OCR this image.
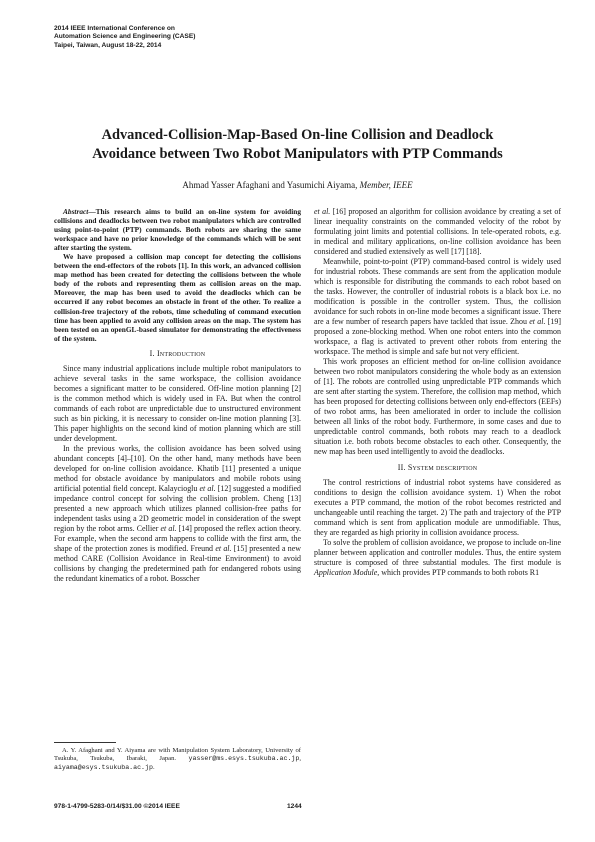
2014 IEEE International Conference on
Automation Science and Engineering (CASE)
Taipei, Taiwan, August 18-22, 2014
Advanced-Collision-Map-Based On-line Collision and Deadlock
Avoidance between Two Robot Manipulators with PTP Commands
Ahmad Yasser Afaghani and Yasumichi Aiyama, Member, IEEE

Abstract—This research aims to build an on-line system for avoiding collisions and deadlocks between two robot manipulators which are controlled using point-to-point (PTP) commands. Both robots are sharing the same workspace and have no prior knowledge of the commands which will be sent after starting the system.

We have proposed a collision map concept for detecting the collisions between the end-effectors of the robots [1]. In this work, an advanced collision map method has been created for detecting the collisions between the whole body of the robots and representing them as collision areas on the map. Moreover, the map has been used to avoid the deadlocks which can be occurred if any robot becomes an obstacle in front of the other. To realize a collision-free trajectory of the robots, time scheduling of command execution time has been applied to avoid any collision areas on the map. The system has been tested on an openGL-based simulator for demonstrating the effectiveness of the system.

I. Introduction

Since many industrial applications include multiple robot manipulators to achieve several tasks in the same workspace, the collision avoidance becomes a significant matter to be considered. Off-line motion planning [2] is the common method which is widely used in FA. But when the control commands of each robot are unpredictable due to unstructured environment such as bin picking, it is necessary to consider on-line motion planning [3]. This paper highlights on the second kind of motion planning which are still under development.

In the previous works, the collision avoidance has been solved using abundant concepts [4]–[10]. On the other hand, many methods have been developed for on-line collision avoidance. Khatib [11] presented a unique method for obstacle avoidance by manipulators and mobile robots using artificial potential field concept. Kalaycioglu et al. [12] suggested a modified impedance control concept for solving the collision problem. Cheng [13] presented a new approach which utilizes planned collision-free paths for independent tasks using a 2D geometric model in consideration of the swept region by the robot arms. Cellier et al. [14] proposed the reflex action theory. For example, when the second arm happens to collide with the first arm, the shape of the protection zones is modified. Freund et al. [15] presented a new method CARE (Collision Avoidance in Real-time Environment) to avoid collisions by changing the predetermined path for endangered robots using the redundant kinematics of a robot. Bosscher

A. Y. Afaghani and Y. Aiyama are with Manipulation System Laboratory, University of Tsukuba, Tsukuba, Ibaraki, Japan. yasser@ms.esys.tsukuba.ac.jp, aiyama@esys.tsukuba.ac.jp.

et al. [16] proposed an algorithm for collision avoidance by creating a set of linear inequality constraints on the commanded velocity of the robot by formulating joint limits and potential collisions. In tele-operated robots, e.g. in medical and military applications, on-line collision avoidance has been considered and studied extensively as well [17] [18].

Meanwhile, point-to-point (PTP) command-based control is widely used for industrial robots. These commands are sent from the application module which is responsible for distributing the commands to each robot based on the tasks. However, the controller of industrial robots is a black box i.e. no modification is possible in the controller system. Thus, the collision avoidance for such robots in on-line mode becomes a significant issue. There are a few number of research papers have tackled that issue. Zhou et al. [19] proposed a zone-blocking method. When one robot enters into the common workspace, a flag is activated to prevent other robots from entering the workspace. The method is simple and safe but not very efficient.

This work proposes an efficient method for on-line collision avoidance between two robot manipulators considering the whole body as an extension of [1]. The robots are controlled using unpredictable PTP commands which are sent after starting the system. Therefore, the collision map method, which has been proposed for detecting collisions between only end-effectors (EEFs) of two robot arms, has been ameliorated in order to include the collision between all links of the robot body. Furthermore, in some cases and due to unpredictable control commands, both robots may reach to a deadlock situation i.e. both robots become obstacles to each other. Consequently, the new map has been used intelligently to avoid the deadlocks.

II. System description

The control restrictions of industrial robot systems have considered as conditions to design the collision avoidance system. 1) When the robot executes a PTP command, the motion of the robot becomes restricted and unchangeable until reaching the target. 2) The path and trajectory of the PTP command which is sent from application module are unmodifiable. Thus, they are regarded as high priority in collision avoidance process.

To solve the problem of collision avoidance, we propose to include on-line planner between application and controller modules. Thus, the entire system structure is composed of three substantial modules. The first module is Application Module, which provides PTP commands to both robots R1

978-1-4799-5283-0/14/$31.00 ©2014 IEEE	1244
